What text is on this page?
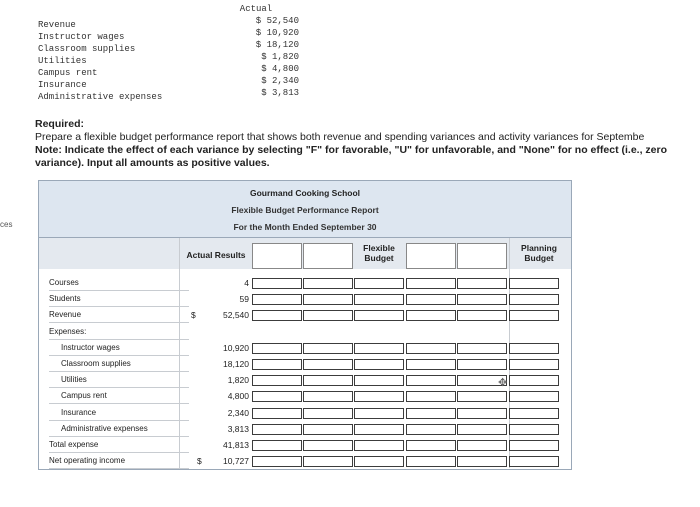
Actual
Revenue	$ 52,540
Instructor wages	$ 10,920
Classroom supplies	$ 18,120
Utilities	$ 1,820
Campus rent	$ 4,800
Insurance	$ 2,340
Administrative expenses	$ 3,813
ces
Required:
Prepare a flexible budget performance report that shows both revenue and spending variances and activity variances for Septembe
Note: Indicate the effect of each variance by selecting "F" for favorable, "U" for unfavorable, and "None" for no effect (i.e., zero variance). Input all amounts as positive values.
Gourmand Cooking School
Flexible Budget Performance Report
For the Month Ended September 30
Actual Results
Flexible Budget
Planning Budget
Courses	4
Students	59
Revenue	$	52,540
Expenses:
Instructor wages	10,920
Classroom supplies	18,120
Utilities	1,820
Campus rent	4,800
Insurance	2,340
Administrative expenses	3,813
Total expense	41,813
Net operating income	$	10,727
✥
